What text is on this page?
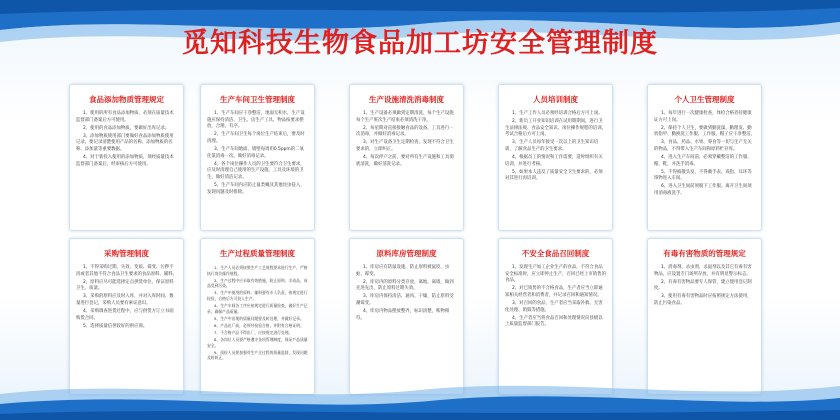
觅知科技生物食品加工坊安全管理制度
食品添加物质管理规定

1、使用的所有食品添加物质，必须在质量技术监督部门备案后方可使用。

2、使用的食品添加物质，要做好出库记录。

3、添加物质使用部门要做好食品添加物质使用记录，要记录清楚使用产品的名称、添加物质的名称、添加量等重要数据。

4、对于新投入使用的添加物质，须经质量技术监督部门备案后，经审核后方可使用。

生产车间卫生管理制度

1、生产车间应干净整洁，地面无积水，生产设施应保持清洁、卫生。房生产工具、物品按要求摆放，合理、有序。

2、生产车间卫生每个岗位生产结束后，要及时清理。

3、生产车间地面、墙壁每周用0.5ppm的二氧化氯消毒一次。做好消毒记录。

4、各个岗位操作人员的卫生要符合卫生要求，应及时清理自己使用的生产设施、工具及环境的卫生，做好清洁记录。

5、生产车间内应防止鼠类蝇及其他昆虫侵入，发现问题及时排除。

生产设施清洗消毒制度

1、生产设备必须做到定期清洗，每个生产设施每个生产班次生产结束必须清洗干净。

2、每星期对直接接触食品的设备、工具进行一次消毒，并做好消毒记录。

3、对生产设备卫生定期检查，发现不符合卫生要求的，立即纠正。

4、每次停产之前，要对所有生产设施和工具彻底清洗，做好清洗记录。

人员培训制度

1、生产工作人员必须经培训合格后方可上岗。

2、新员工开业知识培训在试用期期间，进行卫生法律法规、食品安全知识、岗位操作规程的培训，考试合格后方可上岗。

3、生产人员每年接受一次以上的卫生知识培训，了解食品生产的卫生要求。

4、根据员工的情况和工作需要，适时组织有关培训，并进行考核。

5、如果本人违反了质量安全卫生要求的，必须对其进行再培训。

个人卫生管理制度

1、每年进行一次健康检查，体检合格者持健康证方可上岗。

2、保持个人卫生，要做到勤洗澡、勤理发、勤剪指甲、勤换洗工作服，工作服、帽子应干净整洁。

3、食品、药品、水果、零食等一切与生产无关的物品，不得带入生产车间和原料贮存库。

4、进入生产车间前，必须穿戴整洁的工作服、帽、鞋，并洗手消毒。

5、不得披散头发，不得戴手表、戒指、耳环等饰物进入车间。

6、进入卫生间前须脱下工作服。离开卫生间须用消毒液洗手。

采购管理制度

1、不得采购过期、失效、变质、霉变、污秽不清或者其他不符合食品卫生要求的食品原料、辅料。

2、原料应尽可能选择定点供货单位，保证原料卫生、质量。

3、采购的原料应及时入库，并对入库时间、数量进行登记，采购人员要有索证意识。

4、采购调查进货过程中，应与供货方订立书面购货合同。

5、选择质量信誉较好的供应商。

生产过程质量管理制度

1、生产人员必须按照生产工艺规程要求进行生产，严格执行岗位操作规程。

2、生产过程中应采取有效措施，防止原料、半成品、成品受到污染。

3、生产中使用的原料、辅料要有专人负责，按规定进行检验，合格后方可投入生产。

4、生产车间各工序应按规定进行质量检查，做好生产记录，确保产品质量。

5、生产中出现的质量问题要及时处理，并做好记录。

6、产品出厂前，必须经检验合格，并附有合格证明。

7、不合格产品不得出厂，应按规定进行处理。

8、各岗位人员要严格遵守各项管理制度，保证产品质量安全。

9、质检人员要加强对生产全过程的质量监督，发现问题及时纠正。

原料库房管理制度

1、库房应有防鼠设施，防止原料被鼠咬、虫蛀、霉变。

2、库房内的原料分类存放，离地、离墙，做到先进先出，防止原料过期失效。

3、库房内保持清洁、通风、干燥，防止原料受潮霉变。

4、库房内物品摆放整齐，标识清楚，账物相符。

不安全食品召回制度

1、发现生产加工企业生产的食品，不符合食品安全标准时，应立即停止生产，召回已经上市销售的食品。

2、对已销售的不合格食品，生产者应当立即通知相关经营者和消费者，并记录召回和通知情况。

3、对召回的食品，生产者应当采取补救、无害化处理、销毁等措施。

4、生产者应当将食品召回和处理情况向县级以上质量监督部门报告。

有毒有害物质的管理规定

1、消毒剂、杀虫剂、杀鼠剂以及其它有毒有害物品，应设置专门场所存放，并有明显警示标志。

2、有毒有害物品要专人保管，建立使用登记制度。

3、使用有毒有害物品时应按照规定方法使用，防止污染食品。
